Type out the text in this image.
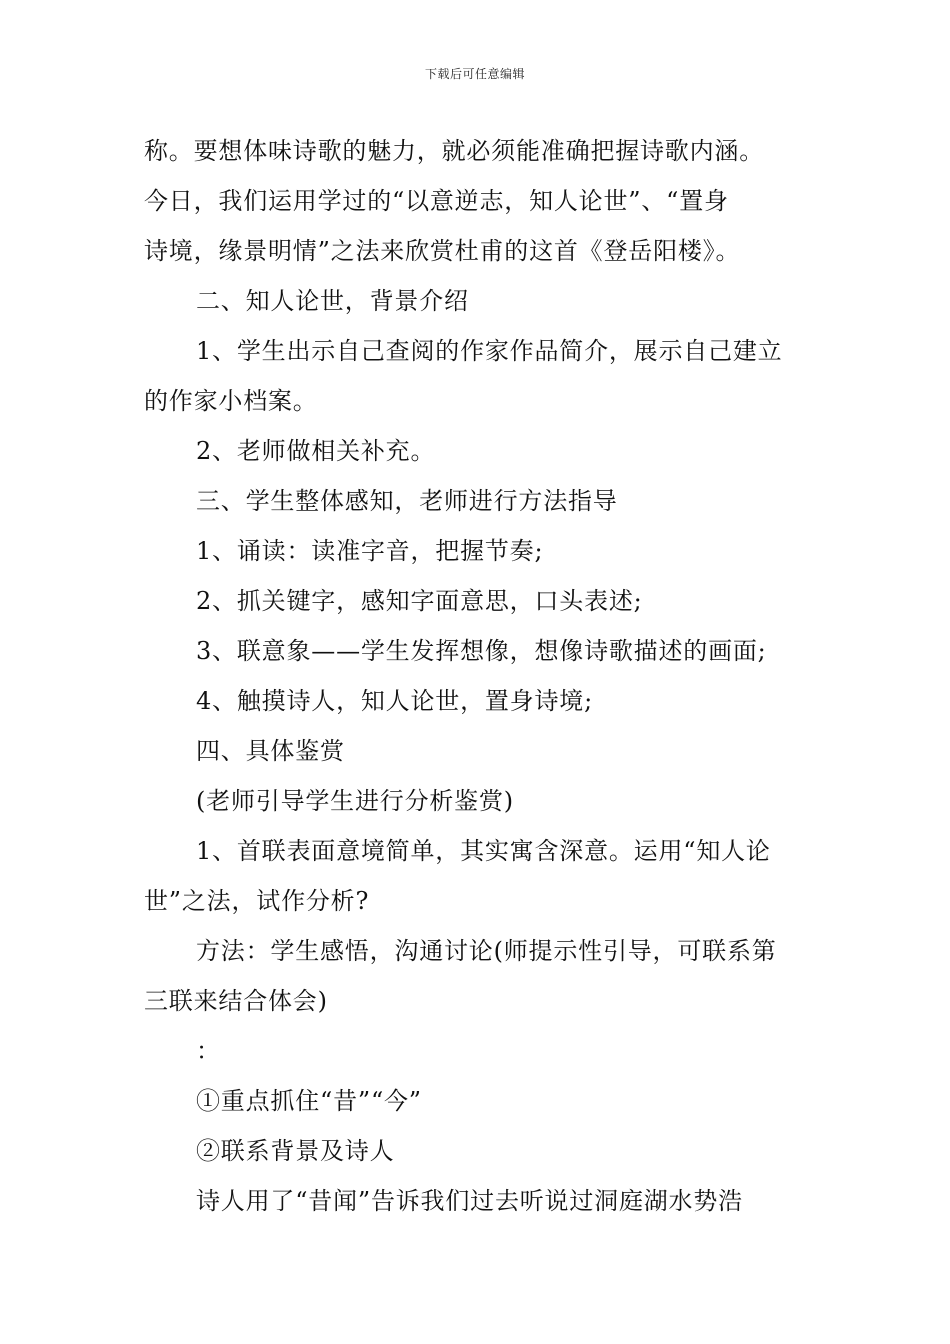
下载后可任意编辑

称。要想体味诗歌的魅力，就必须能准确把握诗歌内涵。

今日，我们运用学过的“以意逆志，知人论世”、“置身

诗境，缘景明情”之法来欣赏杜甫的这首《登岳阳楼》。

二、知人论世，背景介绍

1、学生出示自己查阅的作家作品简介，展示自己建立

的作家小档案。

2、老师做相关补充。

三、学生整体感知，老师进行方法指导

1、诵读：读准字音，把握节奏;

2、抓关键字，感知字面意思，口头表述;

3、联意象——学生发挥想像，想像诗歌描述的画面;

4、触摸诗人，知人论世，置身诗境;

四、具体鉴赏

(老师引导学生进行分析鉴赏)

1、首联表面意境简单，其实寓含深意。运用“知人论

世”之法，试作分析?

方法：学生感悟，沟通讨论(师提示性引导，可联系第

三联来结合体会)

：

①重点抓住“昔”“今”

②联系背景及诗人

诗人用了“昔闻”告诉我们过去听说过洞庭湖水势浩
